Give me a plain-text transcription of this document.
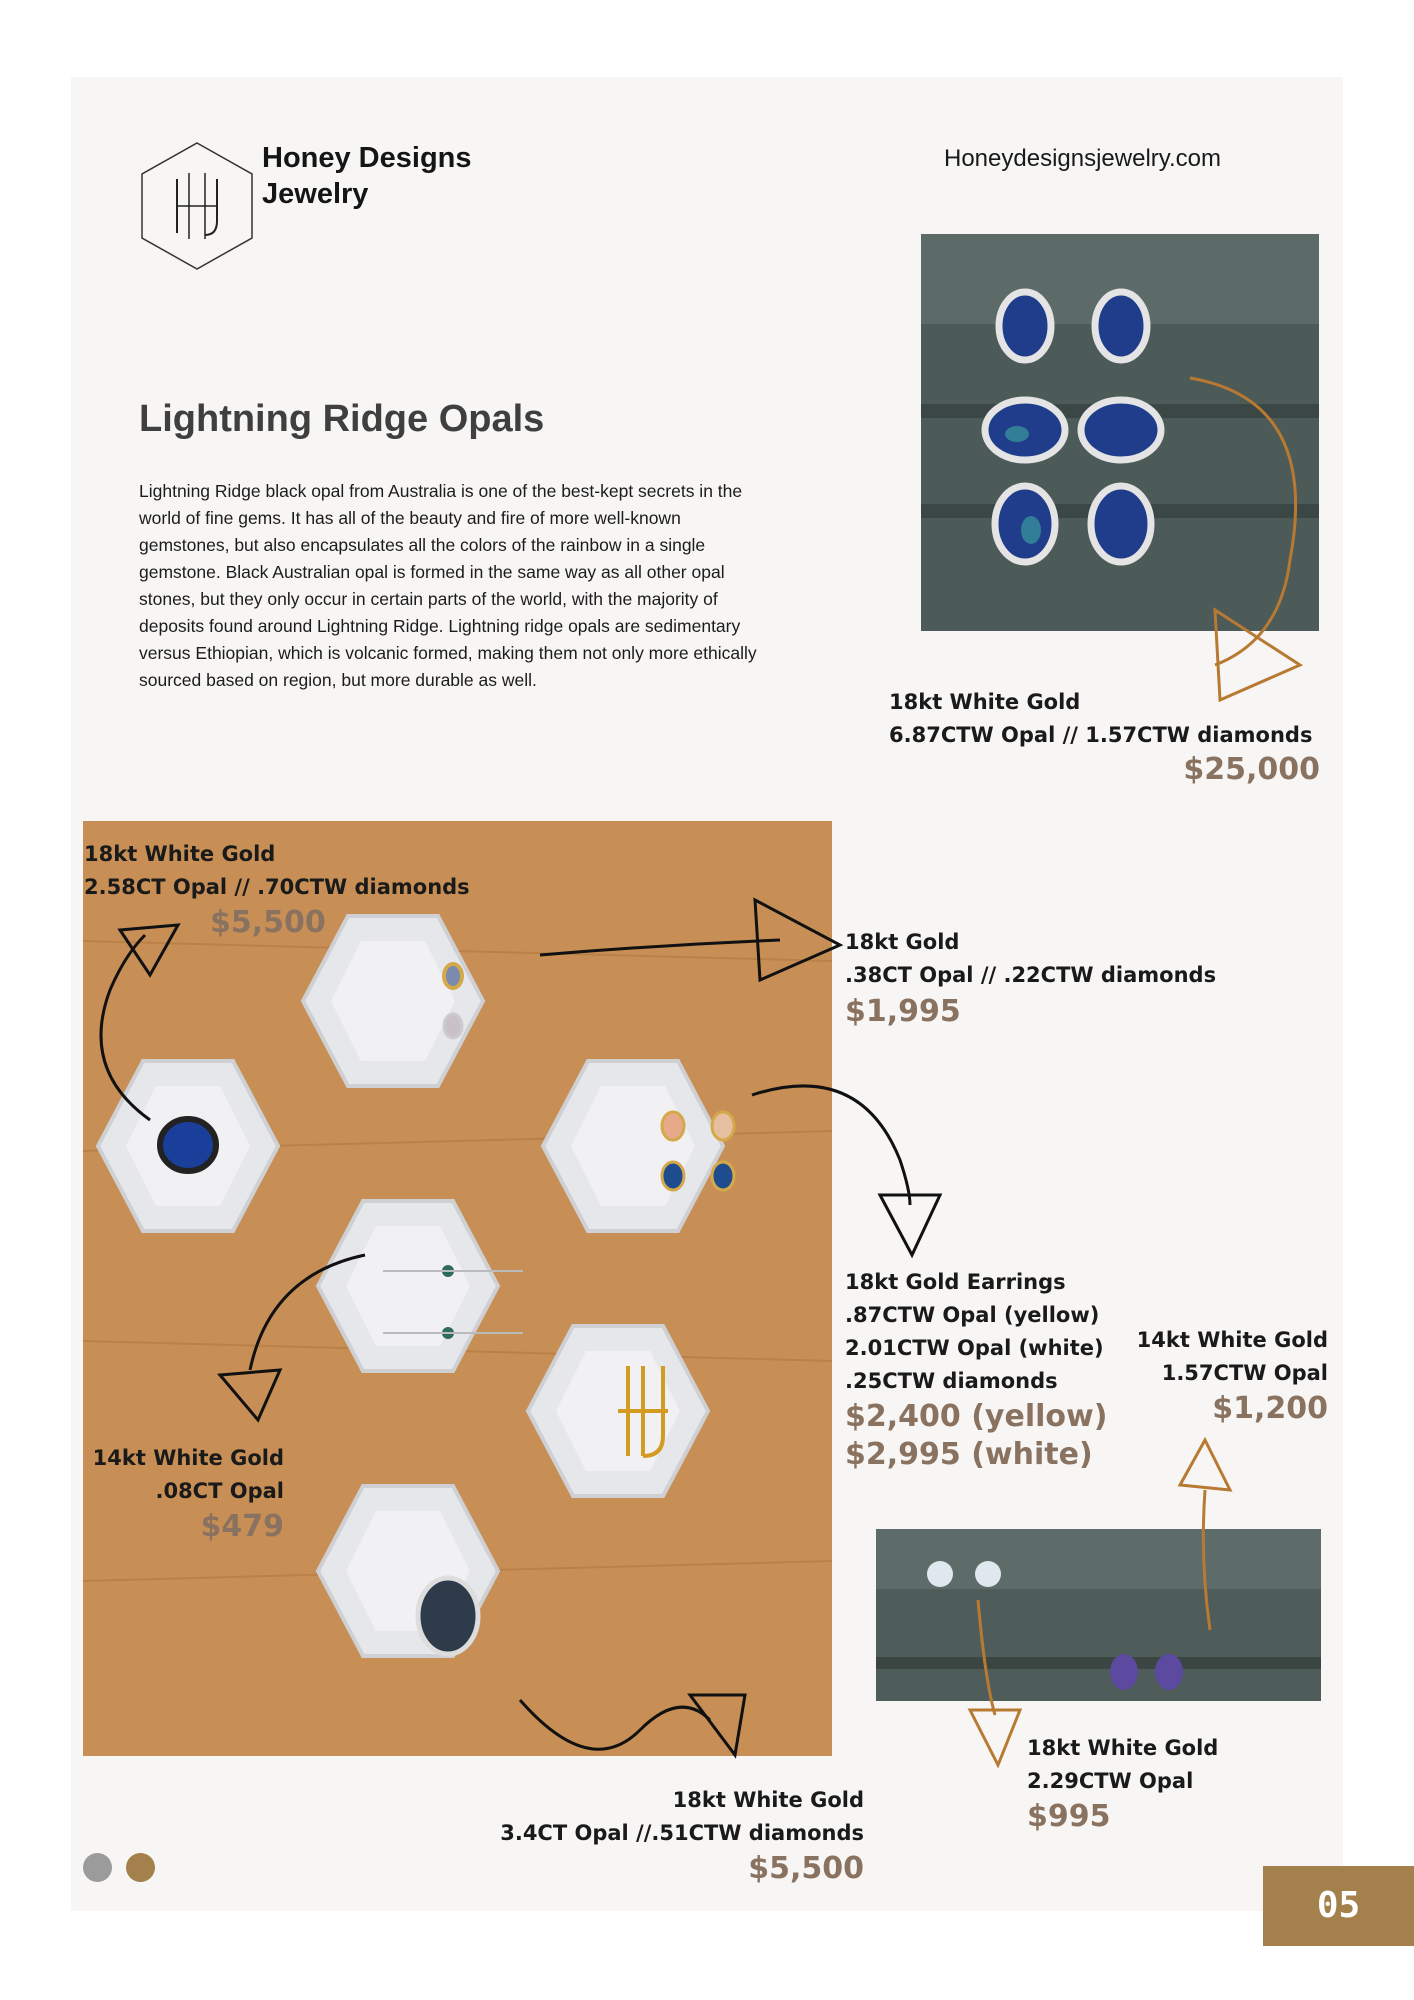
Honey Designs
Jewelry
Honeydesignsjewelry.com
Lightning Ridge Opals
Lightning Ridge black opal from Australia is one of the best-kept secrets in the world of fine gems. It has all of the beauty and fire of more well-known gemstones, but also encapsulates all the colors of the rainbow in a single gemstone. Black Australian opal is formed in the same way as all other opal stones, but they only occur in certain parts of the world, with the majority of deposits found around Lightning Ridge. Lightning ridge opals are sedimentary versus Ethiopian, which is volcanic formed, making them not only more ethically sourced based on region, but more durable as well.
18kt White Gold
6.87CTW Opal // 1.57CTW diamonds
$25,000
18kt White Gold
2.58CT Opal // .70CTW diamonds
$5,500
18kt Gold
.38CT Opal // .22CTW diamonds
$1,995
18kt Gold Earrings
.87CTW Opal (yellow)
2.01CTW Opal (white)
.25CTW diamonds
$2,400 (yellow)
$2,995 (white)
14kt White Gold
1.57CTW Opal
$1,200
14kt White Gold
.08CT Opal
$479
18kt White Gold
2.29CTW Opal
$995
18kt White Gold
3.4CT Opal //.51CTW diamonds
$5,500
05
